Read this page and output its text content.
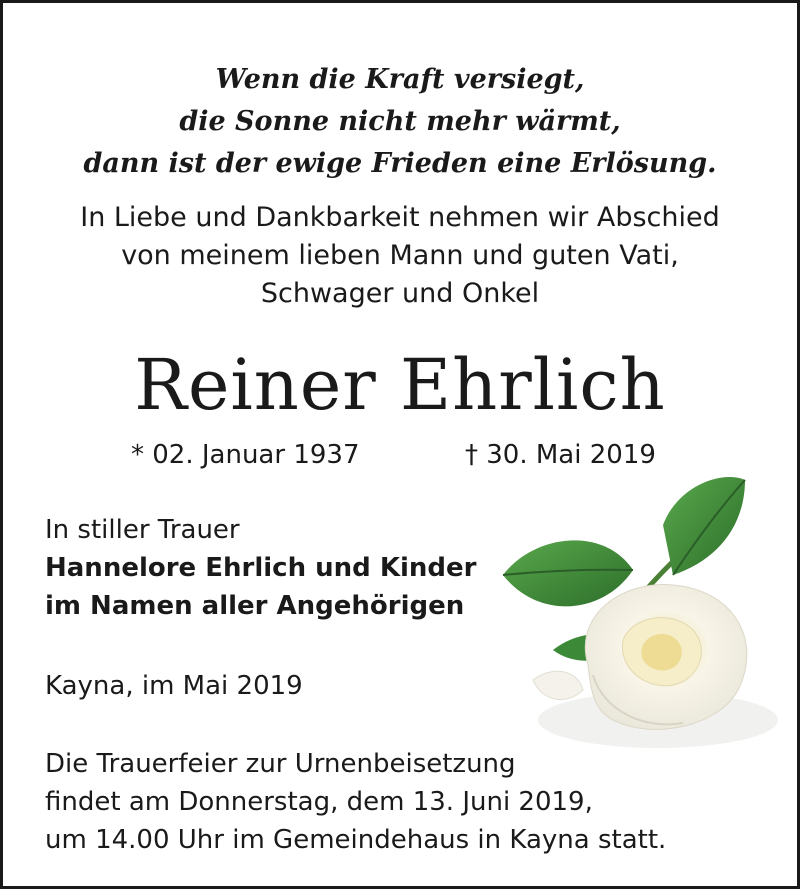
Wenn die Kraft versiegt,
die Sonne nicht mehr wärmt,
dann ist der ewige Frieden eine Erlösung.
In Liebe und Dankbarkeit nehmen wir Abschied
von meinem lieben Mann und guten Vati,
Schwager und Onkel
Reiner Ehrlich
* 02. Januar 1937	† 30. Mai 2019
In stiller Trauer
Hannelore Ehrlich und Kinder
im Namen aller Angehörigen
Kayna, im Mai 2019
Die Trauerfeier zur Urnenbeisetzung
findet am Donnerstag, dem 13. Juni 2019,
um 14.00 Uhr im Gemeindehaus in Kayna statt.
